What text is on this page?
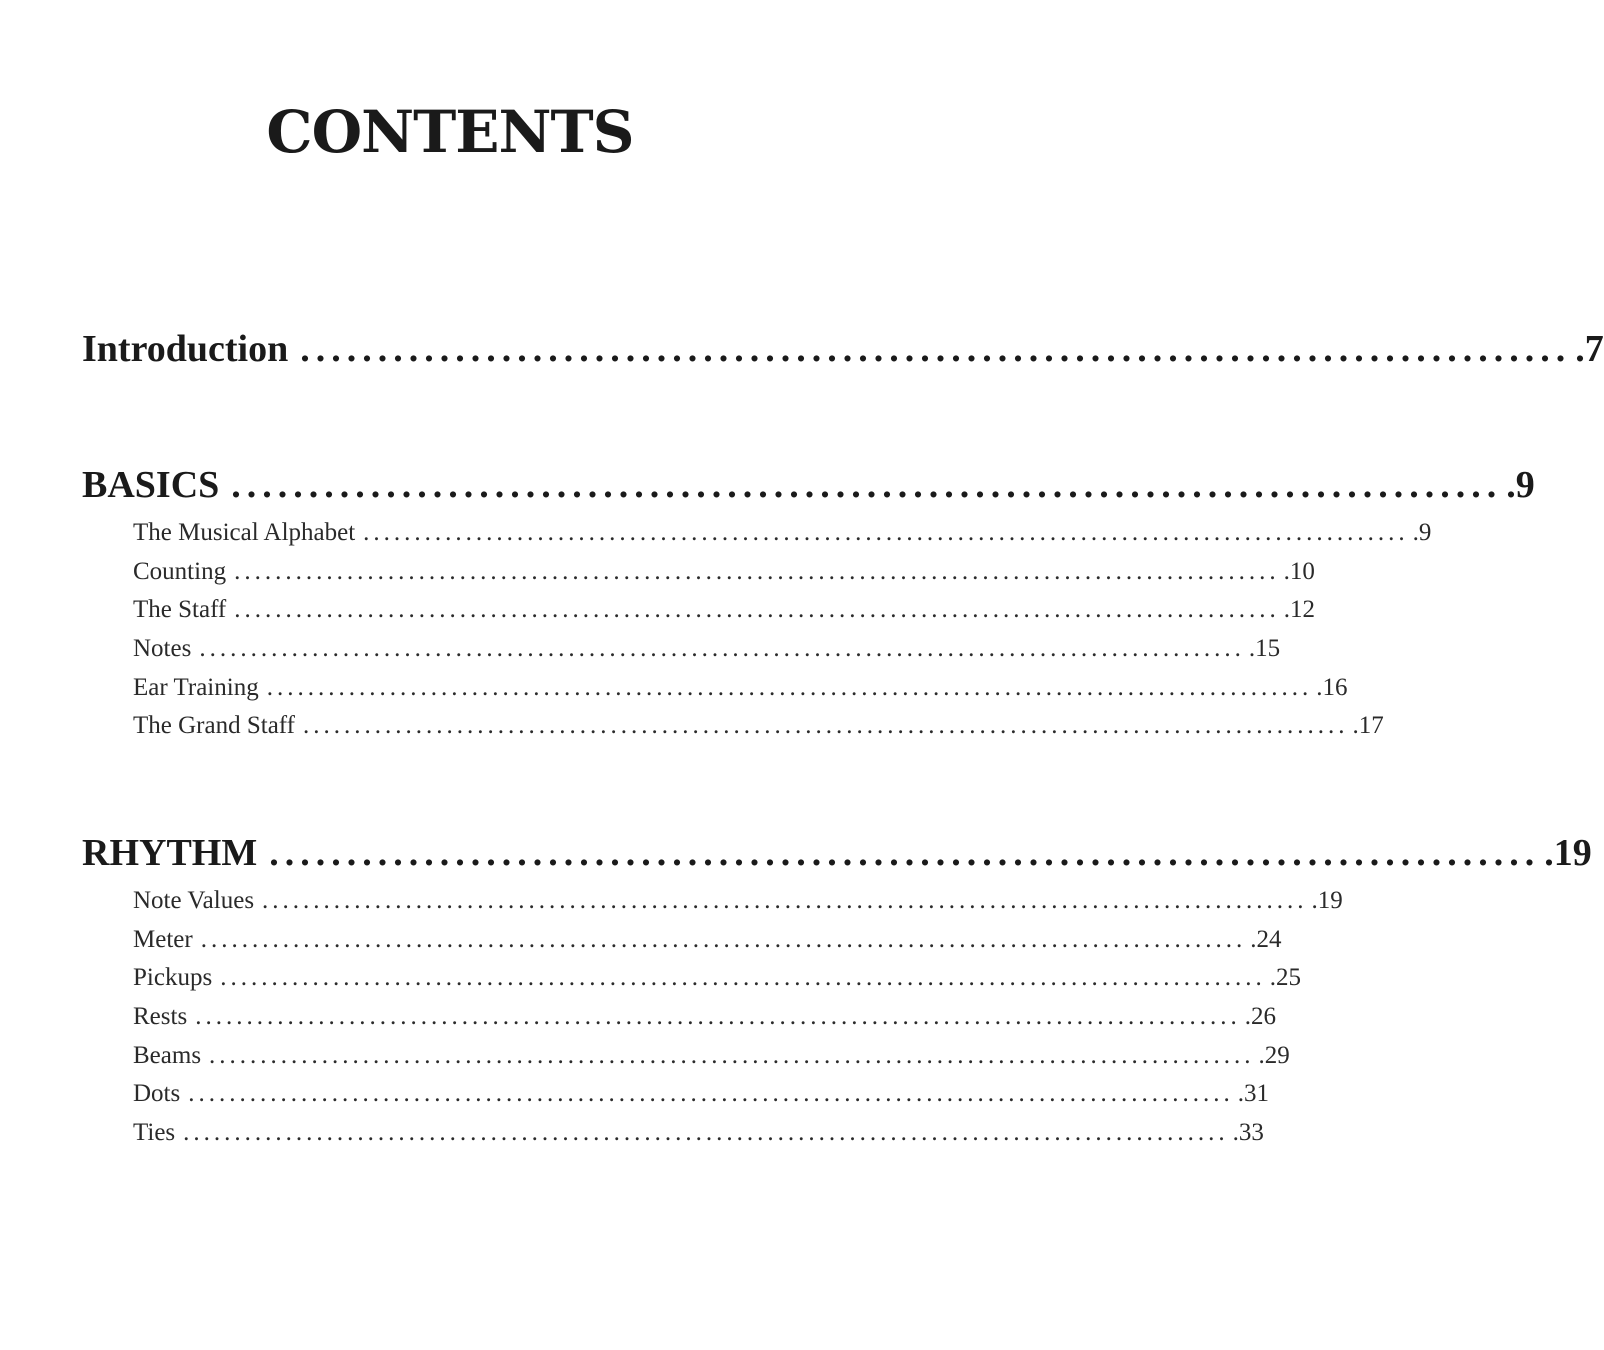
CONTENTS
Introduction .................................................................................. .7
BASICS .................................................................................. .9
The Musical Alphabet ...................................................................................................... .9
Counting ...................................................................................................... .10
The Staff ...................................................................................................... .12
Notes ...................................................................................................... .15
Ear Training ...................................................................................................... .16
The Grand Staff ...................................................................................................... .17
RHYTHM .................................................................................. .19
Note Values ...................................................................................................... .19
Meter ...................................................................................................... .24
Pickups ...................................................................................................... .25
Rests ...................................................................................................... .26
Beams ...................................................................................................... .29
Dots ...................................................................................................... .31
Ties ...................................................................................................... .33
